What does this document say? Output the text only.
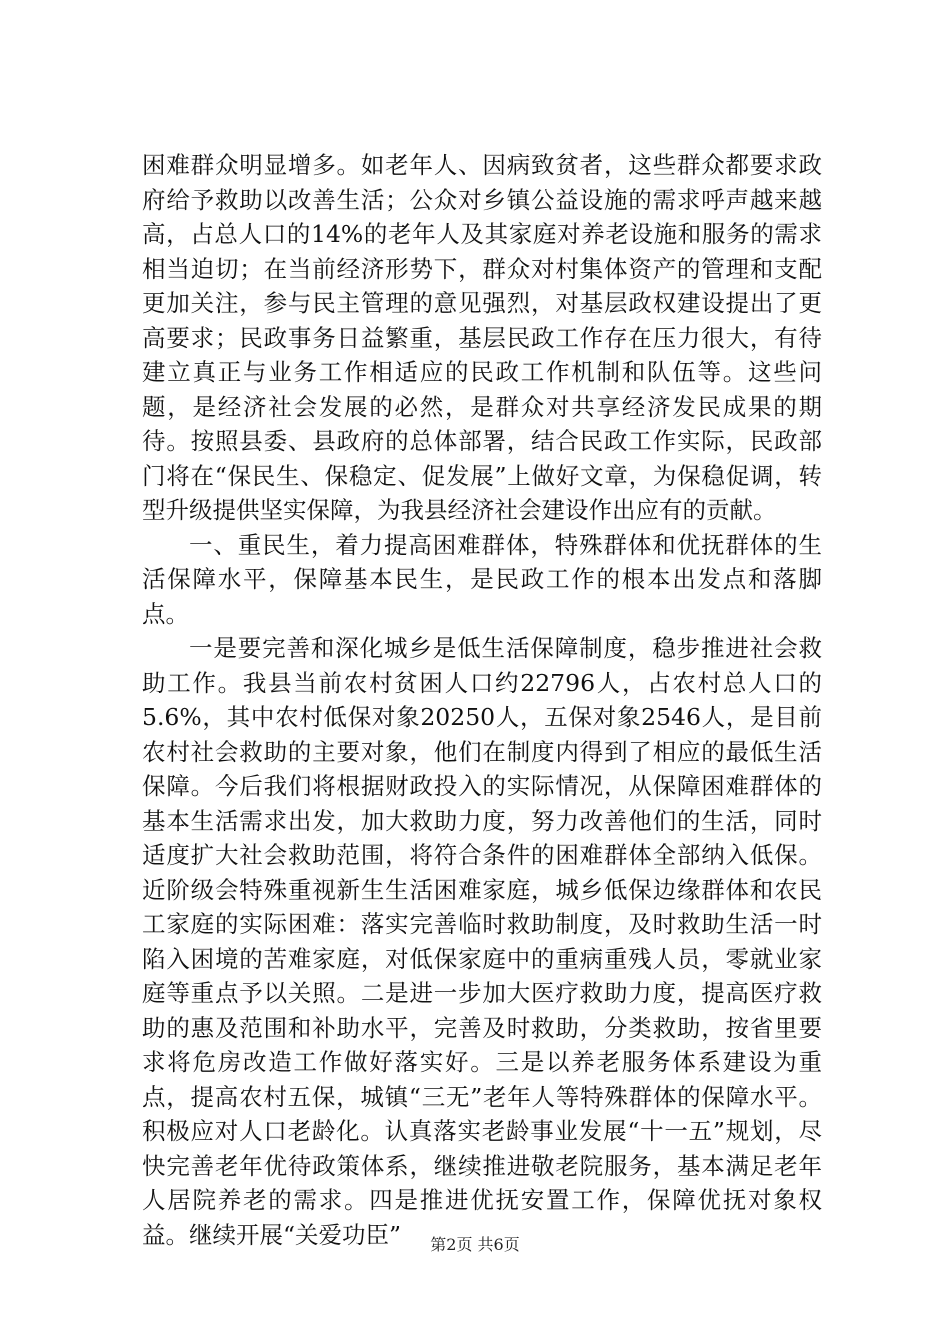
困难群众明显增多。如老年人、因病致贫者，这些群众都要求政府给予救助以改善生活；公众对乡镇公益设施的需求呼声越来越高，占总人口的14%的老年人及其家庭对养老设施和服务的需求相当迫切；在当前经济形势下，群众对村集体资产的管理和支配更加关注，参与民主管理的意见强烈，对基层政权建设提出了更高要求；民政事务日益繁重，基层民政工作存在压力很大，有待建立真正与业务工作相适应的民政工作机制和队伍等。这些问题，是经济社会发展的必然，是群众对共享经济发民成果的期待。按照县委、县政府的总体部署，结合民政工作实际，民政部门将在“保民生、保稳定、促发展”上做好文章，为保稳促调，转型升级提供坚实保障，为我县经济社会建设作出应有的贡献。

一、重民生，着力提高困难群体，特殊群体和优抚群体的生活保障水平，保障基本民生，是民政工作的根本出发点和落脚点。

一是要完善和深化城乡是低生活保障制度，稳步推进社会救助工作。我县当前农村贫困人口约22796人，占农村总人口的5.6%，其中农村低保对象20250人，五保对象2546人，是目前农村社会救助的主要对象，他们在制度内得到了相应的最低生活保障。今后我们将根据财政投入的实际情况，从保障困难群体的基本生活需求出发，加大救助力度，努力改善他们的生活，同时适度扩大社会救助范围，将符合条件的困难群体全部纳入低保。近阶级会特殊重视新生生活困难家庭，城乡低保边缘群体和农民工家庭的实际困难：落实完善临时救助制度，及时救助生活一时陷入困境的苦难家庭，对低保家庭中的重病重残人员，零就业家庭等重点予以关照。二是进一步加大医疗救助力度，提高医疗救助的惠及范围和补助水平，完善及时救助，分类救助，按省里要求将危房改造工作做好落实好。三是以养老服务体系建设为重点，提高农村五保，城镇“三无”老年人等特殊群体的保障水平。积极应对人口老龄化。认真落实老龄事业发展“十一五”规划，尽快完善老年优待政策体系，继续推进敬老院服务，基本满足老年人居院养老的需求。四是推进优抚安置工作，保障优抚对象权益。继续开展“关爱功臣”	第2页 共6页
